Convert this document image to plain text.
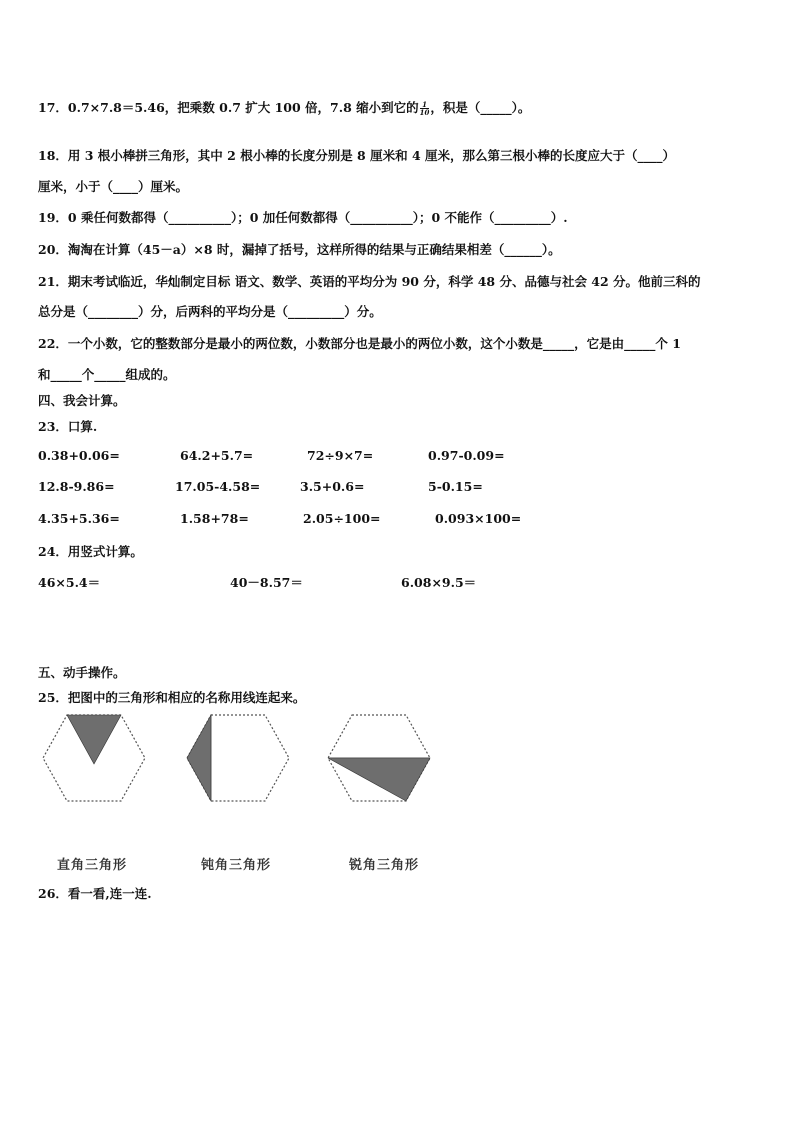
17．0.7×7.8＝5.46，把乘数 0.7 扩大 100 倍，7.8 缩小到它的 $\frac{1}{10}$ ，积是（_____）。
18．用 3 根小棒拼三角形，其中 2 根小棒的长度分别是 8 厘米和 4 厘米，那么第三根小棒的长度应大于（____）
厘米，小于（____）厘米。
19．0 乘任何数都得（__________）；0 加任何数都得（__________）；0 不能作（_________）.
20．淘淘在计算（45－a）×8 时，漏掉了括号，这样所得的结果与正确结果相差（______）。
21．期末考试临近，华灿制定目标 语文、数学、英语的平均分为 90 分，科学 48 分、品德与社会 42 分。他前三科的
总分是（________）分，后两科的平均分是（_________）分。
22．一个小数，它的整数部分是最小的两位数，小数部分也是最小的两位小数，这个小数是_____，它是由_____个 1
和_____个_____组成的。
四、我会计算。
23．口算.
0.38+0.06=	64.2+5.7=	72÷9×7=	0.97-0.09=
12.8-9.86=	17.05-4.58=	3.5+0.6=	5-0.15=
4.35+5.36=	1.58+78=	2.05÷100=	0.093×100=
24．用竖式计算。
46×5.4＝	40－8.57＝	6.08×9.5＝
五、动手操作。
25．把图中的三角形和相应的名称用线连起来。
直角三角形	钝角三角形	锐角三角形
26．看一看,连一连.
